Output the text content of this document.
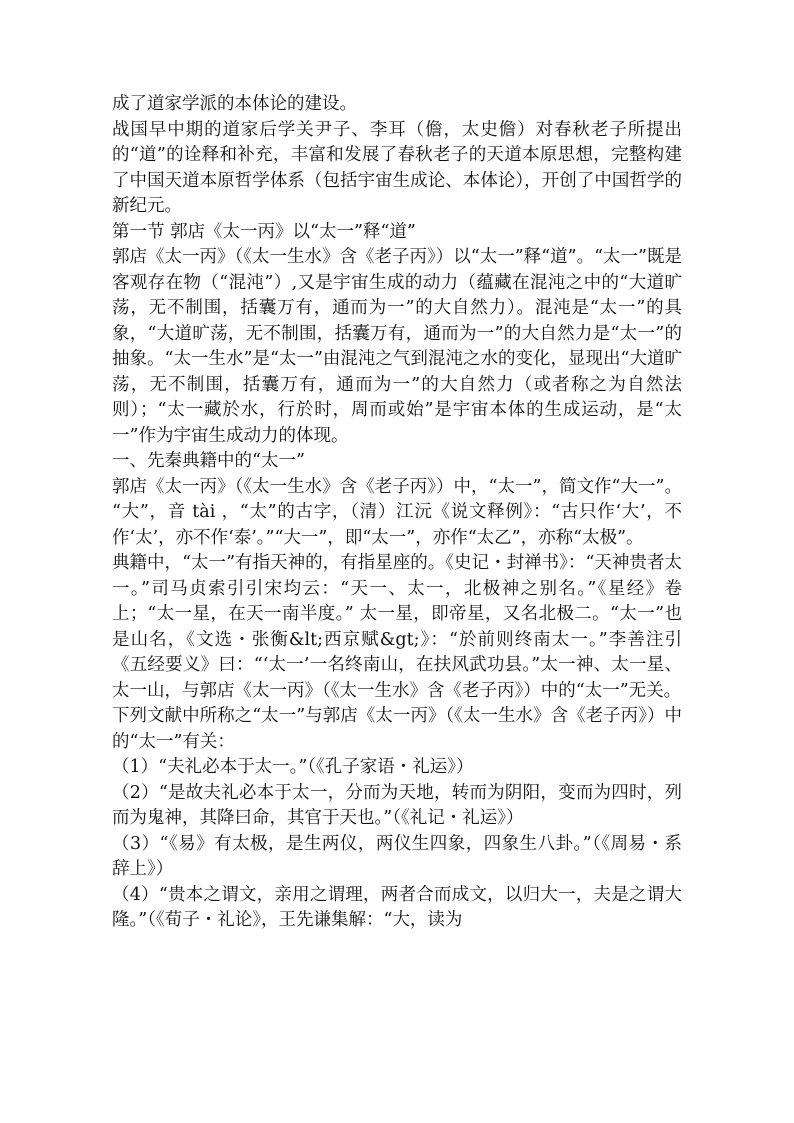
成了道家学派的本体论的建设。

战国早中期的道家后学关尹子、李耳（儋，太史儋）对春秋老子所提出的“道”的诠释和补充，丰富和发展了春秋老子的天道本原思想，完整构建了中国天道本原哲学体系（包括宇宙生成论、本体论），开创了中国哲学的新纪元。

第一节 郭店《太一丙》以“太一”释“道”

郭店《太一丙》（《太一生水》含《老子丙》）以“太一”释“道”。“太一”既是客观存在物（“混沌”）,又是宇宙生成的动力（蕴藏在混沌之中的“大道旷荡，无不制围，括囊万有，通而为一”的大自然力）。混沌是“太一”的具象，“大道旷荡，无不制围，括囊万有，通而为一”的大自然力是“太一”的抽象。“太一生水”是“太一”由混沌之气到混沌之水的变化，显现出“大道旷荡，无不制围，括囊万有，通而为一”的大自然力（或者称之为自然法则）；“太一藏於水，行於时，周而或始”是宇宙本体的生成运动，是“太一”作为宇宙生成动力的体现。

一、先秦典籍中的“太一”

郭店《太一丙》（《太一生水》含《老子丙》）中，“太一”，简文作“大一”。 “大”，音 tài ，“太”的古字，（清）江沅《说文释例》：“古只作‘大’，不作‘太’，亦不作‘泰’。”“大一”，即“太一”，亦作“太乙”，亦称“太极”。

典籍中，“太一”有指天神的，有指星座的。《史记・封禅书》：“天神贵者太一。”司马贞索引引宋均云：“天一、太一，北极神之别名。”《星经》卷上；“太一星，在天一南半度。” 太一星，即帝星，又名北极二。“太一”也是山名，《文选・张衡&lt;西京赋&gt;》：“於前则终南太一。”李善注引《五经要义》曰：“‘太一’一名终南山，在扶风武功县。”太一神、太一星、太一山，与郭店《太一丙》（《太一生水》含《老子丙》）中的“太一”无关。

下列文献中所称之“太一”与郭店《太一丙》（《太一生水》含《老子丙》）中的“太一”有关：

（1）“夫礼必本于太一。”（《孔子家语・礼运》）

（2）“是故夫礼必本于太一，分而为天地，转而为阴阳，变而为四时，列而为鬼神，其降曰命，其官于天也。”（《礼记・礼运》）

（3）“《易》有太极，是生两仪，两仪生四象，四象生八卦。”（《周易・系辞上》）

（4）“贵本之谓文，亲用之谓理，两者合而成文，以归大一，夫是之谓大隆。”（《荀子・礼论》，王先谦集解：“大，读为
